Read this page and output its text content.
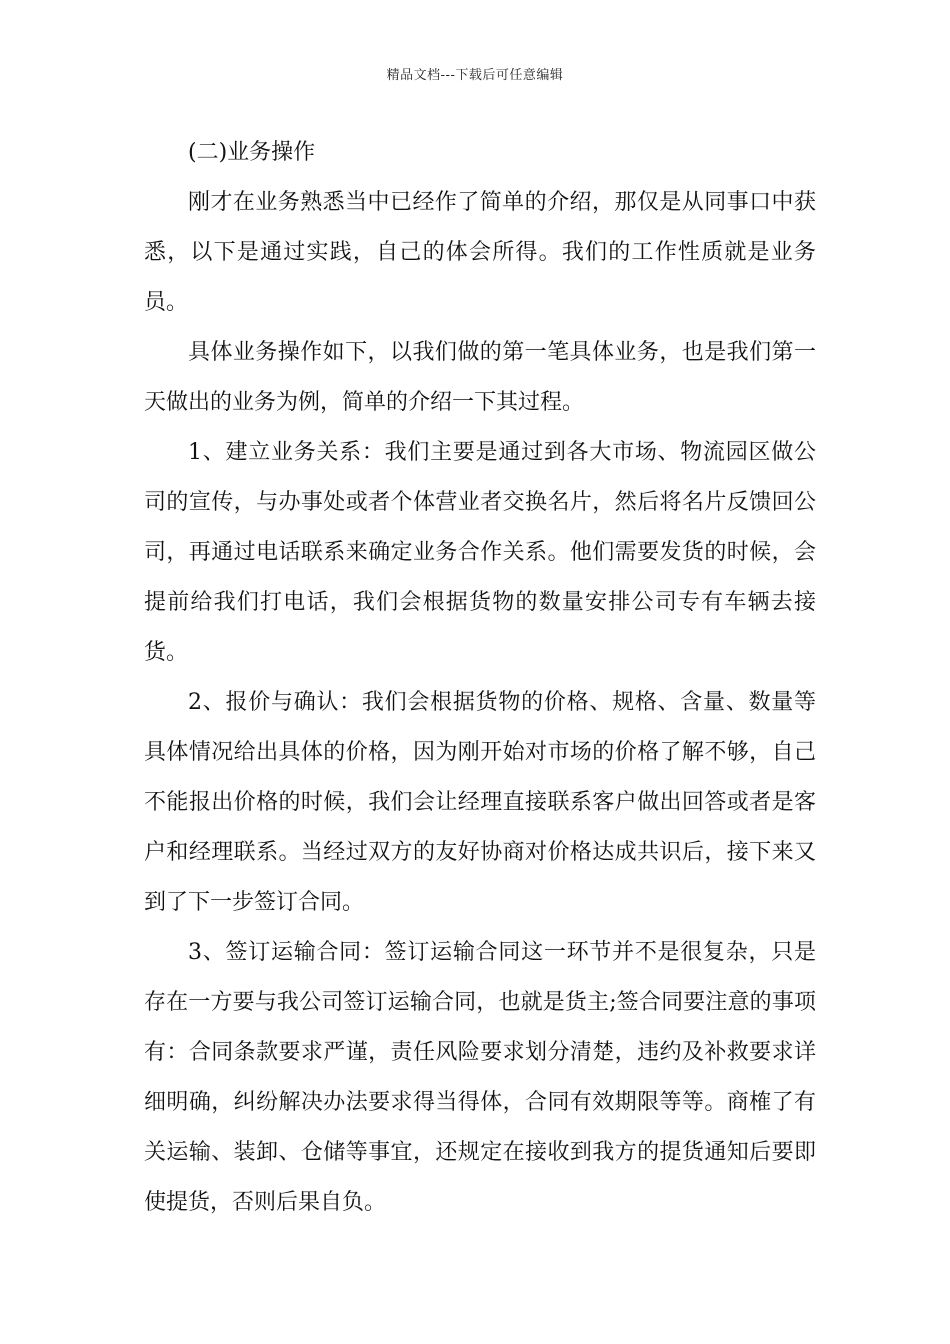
精品文档---下载后可任意编辑

(二)业务操作

刚才在业务熟悉当中已经作了简单的介绍，那仅是从同事口中获悉，以下是通过实践，自己的体会所得。我们的工作性质就是业务员。

具体业务操作如下，以我们做的第一笔具体业务，也是我们第一天做出的业务为例，简单的介绍一下其过程。

1、建立业务关系：我们主要是通过到各大市场、物流园区做公司的宣传，与办事处或者个体营业者交换名片，然后将名片反馈回公司，再通过电话联系来确定业务合作关系。他们需要发货的时候，会提前给我们打电话，我们会根据货物的数量安排公司专有车辆去接货。

2、报价与确认：我们会根据货物的价格、规格、含量、数量等具体情况给出具体的价格，因为刚开始对市场的价格了解不够，自己不能报出价格的时候，我们会让经理直接联系客户做出回答或者是客户和经理联系。当经过双方的友好协商对价格达成共识后，接下来又到了下一步签订合同。

3、签订运输合同：签订运输合同这一环节并不是很复杂，只是存在一方要与我公司签订运输合同，也就是货主;签合同要注意的事项有：合同条款要求严谨，责任风险要求划分清楚，违约及补救要求详细明确，纠纷解决办法要求得当得体，合同有效期限等等。商榷了有关运输、装卸、仓储等事宜，还规定在接收到我方的提货通知后要即使提货，否则后果自负。
